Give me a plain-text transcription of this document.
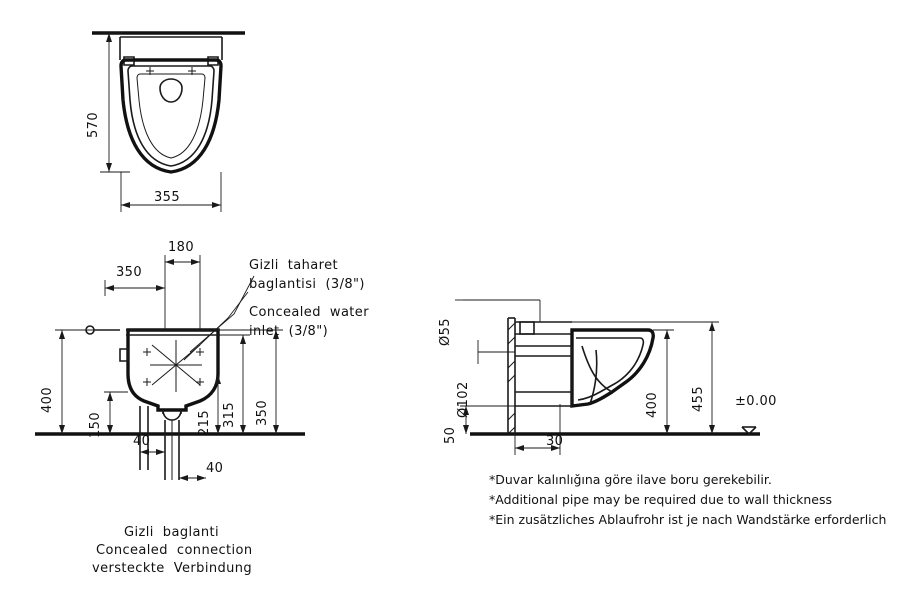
570
355
180
350
400
150	215 315 350
40
40
Gizli  taharet
baglantisi  (3/8")
Concealed  water
inlet  (3/8")
Gizli  baglanti
Concealed  connection
versteckte  Verbindung
Ø55
Ø102
50	30
400 455 ±0.00
*Duvar kalınlığına göre ilave boru gerekebilir.
*Additional pipe may be required due to wall thickness
*Ein zusätzliches Ablaufrohr ist je nach Wandstärke erforderlich
